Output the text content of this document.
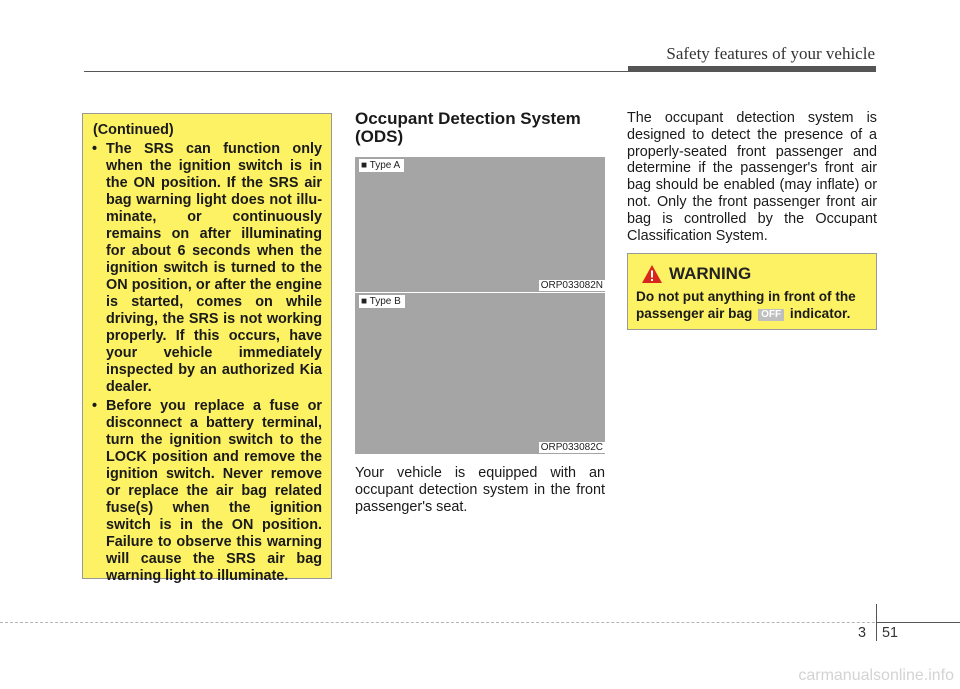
Safety features of your vehicle
(Continued)
• The SRS can function only when the ignition switch is in the ON position. If the SRS air bag warning light does not illuminate, or continuously remains on after illuminating for about 6 seconds when the ignition switch is turned to the ON position, or after the engine is started, comes on while driving, the SRS is not working properly. If this occurs, have your vehicle immediately inspected by an authorized Kia dealer.
• Before you replace a fuse or disconnect a battery terminal, turn the ignition switch to the LOCK position and remove the ignition switch. Never remove or replace the air bag related fuse(s) when the ignition switch is in the ON position. Failure to observe this warning will cause the SRS air bag warning light to illuminate.
Occupant Detection System (ODS)
■ Type A
ORP033082N
■ Type B
ORP033082C
Your vehicle is equipped with an occupant detection system in the front passenger's seat.
The occupant detection system is designed to detect the presence of a properly-seated front passenger and determine if the passenger's front air bag should be enabled (may inflate) or not. Only the front passenger front air bag is controlled by the Occupant Classification System.
WARNING
Do not put anything in front of the passenger air bag OFF indicator.
3 51
carmanualsonline.info
